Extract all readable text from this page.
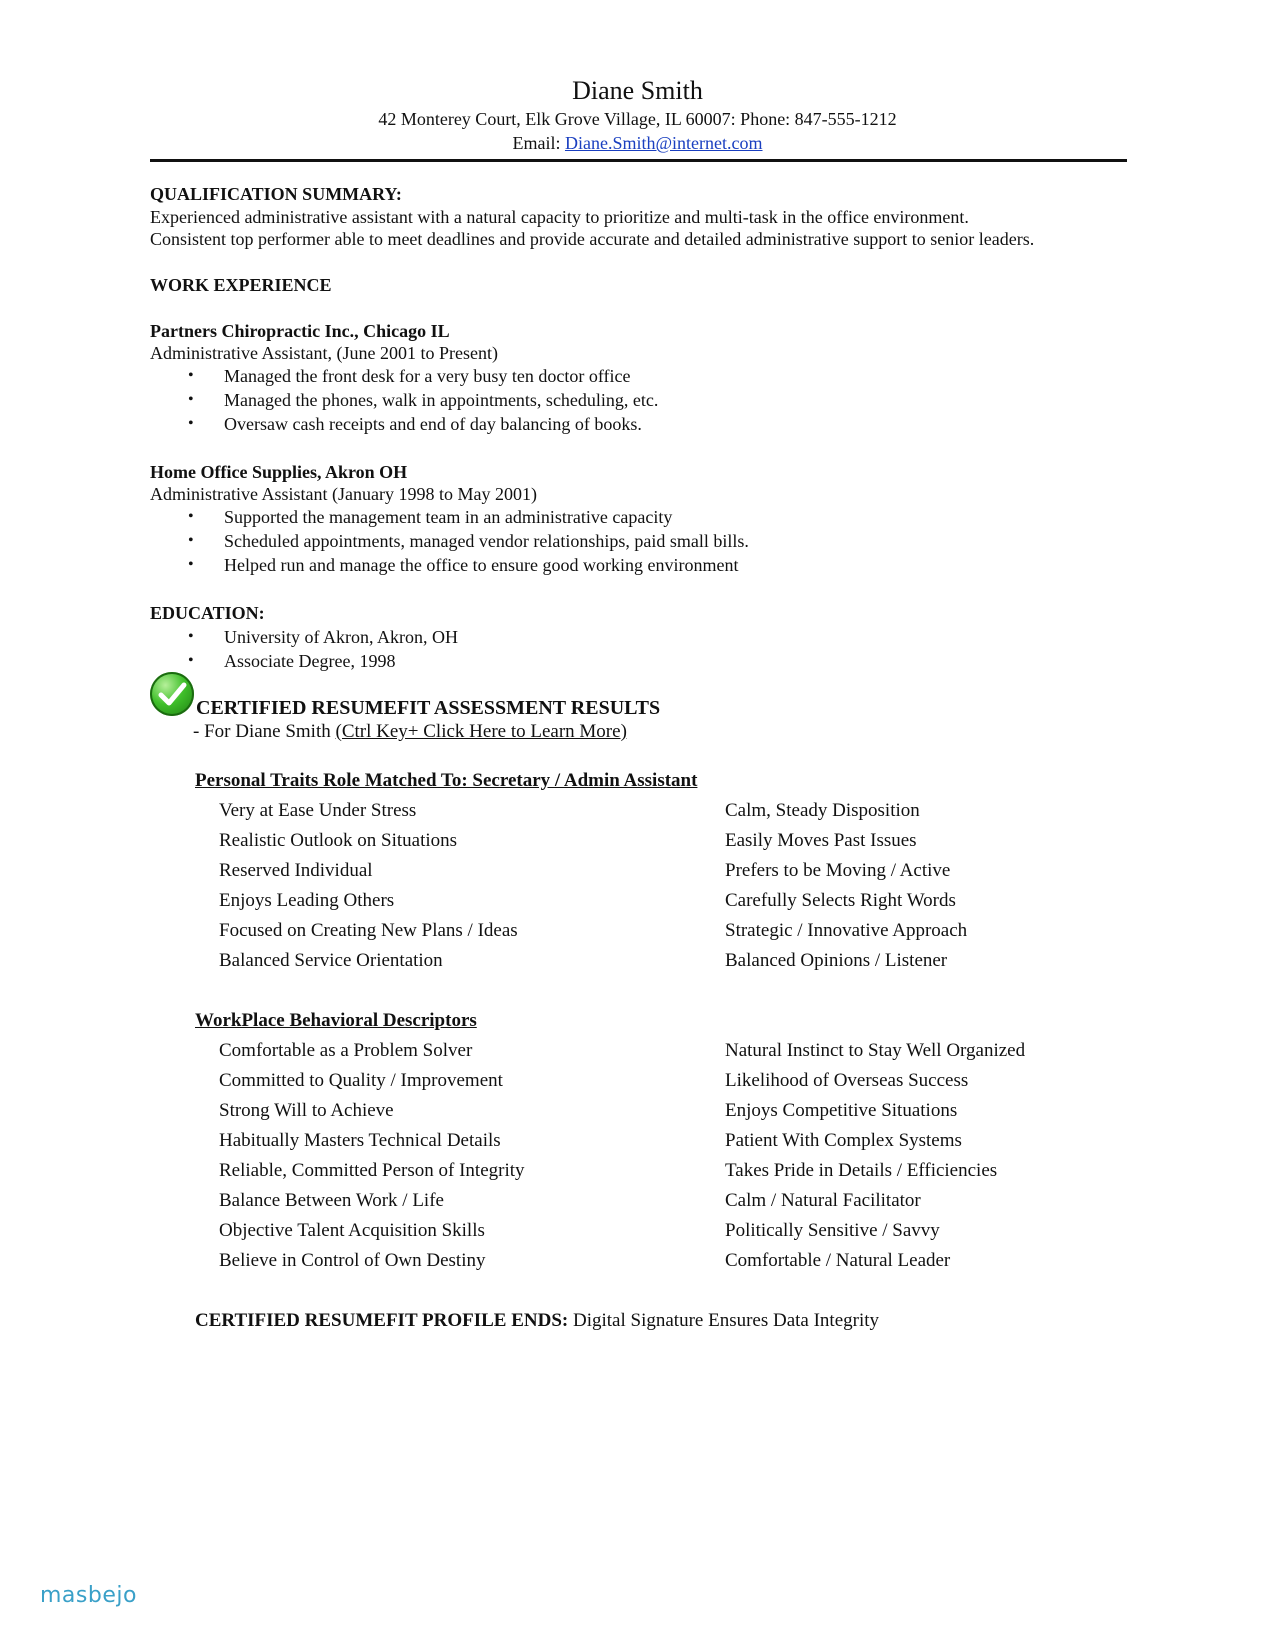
Diane Smith
42 Monterey Court, Elk Grove Village, IL 60007: Phone: 847-555-1212
Email: Diane.Smith@internet.com
QUALIFICATION SUMMARY:
Experienced administrative assistant with a natural capacity to prioritize and multi-task in the office environment.
Consistent top performer able to meet deadlines and provide accurate and detailed administrative support to senior leaders.
WORK EXPERIENCE
Partners Chiropractic Inc., Chicago IL
Administrative Assistant, (June 2001 to Present)
• Managed the front desk for a very busy ten doctor office
• Managed the phones, walk in appointments, scheduling, etc.
• Oversaw cash receipts and end of day balancing of books.
Home Office Supplies, Akron OH
Administrative Assistant (January 1998 to May 2001)
• Supported the management team in an administrative capacity
• Scheduled appointments, managed vendor relationships, paid small bills.
• Helped run and manage the office to ensure good working environment
EDUCATION:
• University of Akron, Akron, OH
• Associate Degree, 1998
CERTIFIED RESUMEFIT ASSESSMENT RESULTS
- For Diane Smith (Ctrl Key+ Click Here to Learn More)
Personal Traits Role Matched To: Secretary / Admin Assistant
Very at Ease Under Stress
Realistic Outlook on Situations
Reserved Individual
Enjoys Leading Others
Focused on Creating New Plans / Ideas
Balanced Service Orientation
Calm, Steady Disposition
Easily Moves Past Issues
Prefers to be Moving / Active
Carefully Selects Right Words
Strategic / Innovative Approach
Balanced Opinions / Listener
WorkPlace Behavioral Descriptors
Comfortable as a Problem Solver
Committed to Quality / Improvement
Strong Will to Achieve
Habitually Masters Technical Details
Reliable, Committed Person of Integrity
Balance Between Work / Life
Objective Talent Acquisition Skills
Believe in Control of Own Destiny
Natural Instinct to Stay Well Organized
Likelihood of Overseas Success
Enjoys Competitive Situations
Patient With Complex Systems
Takes Pride in Details / Efficiencies
Calm / Natural Facilitator
Politically Sensitive / Savvy
Comfortable / Natural Leader
CERTIFIED RESUMEFIT PROFILE ENDS: Digital Signature Ensures Data Integrity
masbejo
